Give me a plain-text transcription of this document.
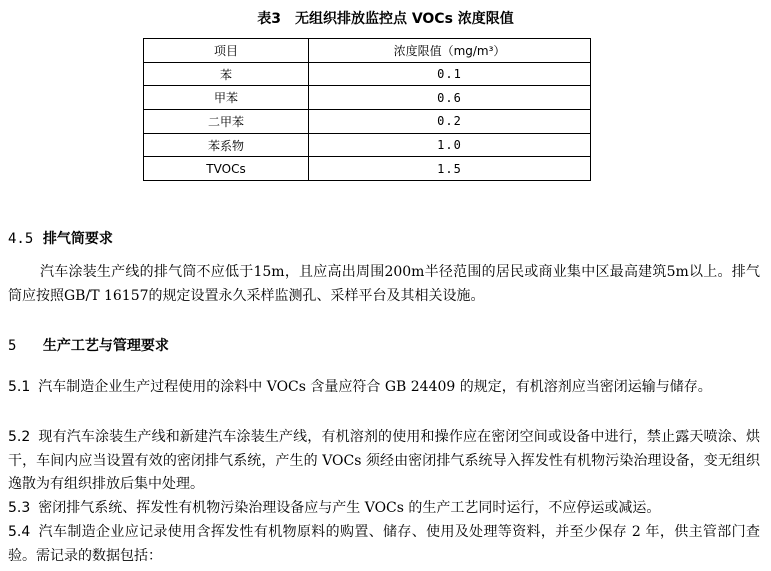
表3　无组织排放监控点 VOCs 浓度限值
项目	浓度限值（mg/m³）
苯	0.1
甲苯	0.6
二甲苯	0.2
苯系物	1.0
TVOCs	1.5
4.5 排气筒要求
汽车涂装生产线的排气筒不应低于15m，且应高出周围200m半径范围的居民或商业集中区最高建筑5m以上。排气筒应按照GB/T 16157的规定设置永久采样监测孔、采样平台及其相关设施。
5 生产工艺与管理要求

5.1 汽车制造企业生产过程使用的涂料中 VOCs 含量应符合 GB 24409 的规定，有机溶剂应当密闭运输与储存。

5.2 现有汽车涂装生产线和新建汽车涂装生产线，有机溶剂的使用和操作应在密闭空间或设备中进行，禁止露天喷涂、烘干，车间内应当设置有效的密闭排气系统，产生的 VOCs 须经由密闭排气系统导入挥发性有机物污染治理设备，变无组织逸散为有组织排放后集中处理。

5.3 密闭排气系统、挥发性有机物污染治理设备应与产生 VOCs 的生产工艺同时运行，不应停运或减运。

5.4 汽车制造企业应记录使用含挥发性有机物原料的购置、储存、使用及处理等资料，并至少保存 2 年，供主管部门查验。需记录的数据包括：
